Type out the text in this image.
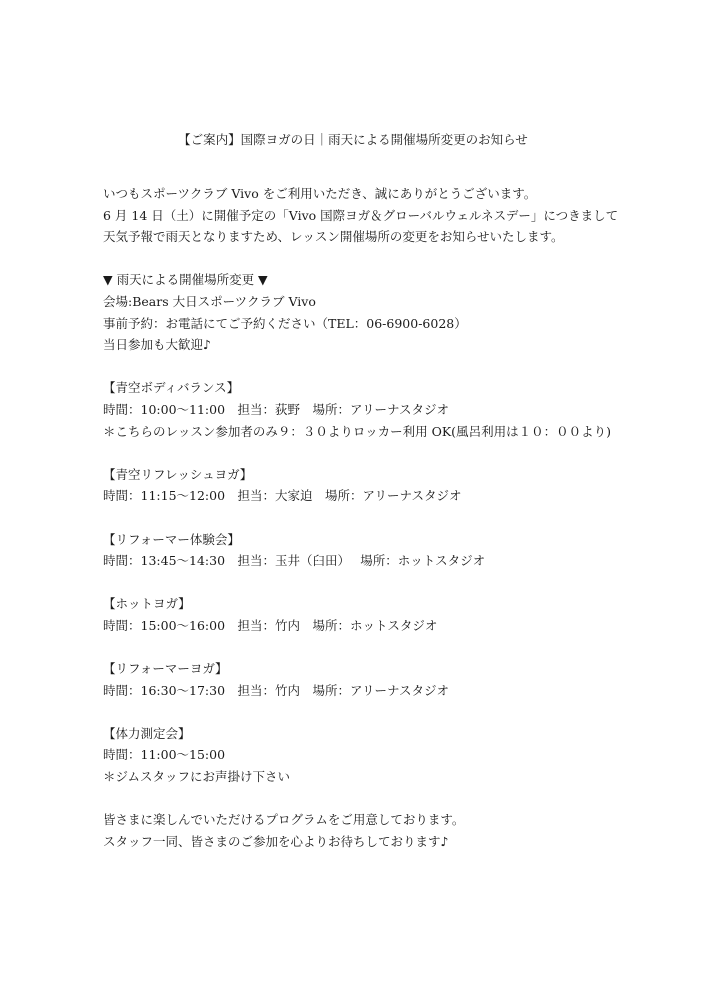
【ご案内】国際ヨガの日｜雨天による開催場所変更のお知らせ
いつもスポーツクラブ Vivo をご利用いただき、誠にありがとうございます。
6 月 14 日（土）に開催予定の「Vivo 国際ヨガ＆グローバルウェルネスデー」につきまして
天気予報で雨天となりますため、レッスン開催場所の変更をお知らせいたします。
▼ 雨天による開催場所変更 ▼
会場:Bears 大日スポーツクラブ Vivo
事前予約：お電話にてご予約ください（TEL：06-6900-6028）
当日参加も大歓迎♪
【青空ボディバランス】
時間：10:00〜11:00　担当：荻野　場所：アリーナスタジオ
＊こちらのレッスン参加者のみ９：３０よりロッカー利用 OK(風呂利用は１０：００より)
【青空リフレッシュヨガ】
時間：11:15〜12:00　担当：大家迫　場所：アリーナスタジオ
【リフォーマー体験会】
時間：13:45〜14:30　担当：玉井（臼田）　 場所：ホットスタジオ
【ホットヨガ】
時間：15:00〜16:00　担当：竹内　場所：ホットスタジオ
【リフォーマーヨガ】
時間：16:30〜17:30　担当：竹内　場所：アリーナスタジオ
【体力測定会】
時間：11:00〜15:00
＊ジムスタッフにお声掛け下さい
皆さまに楽しんでいただけるプログラムをご用意しております。
スタッフ一同、皆さまのご参加を心よりお待ちしております♪
